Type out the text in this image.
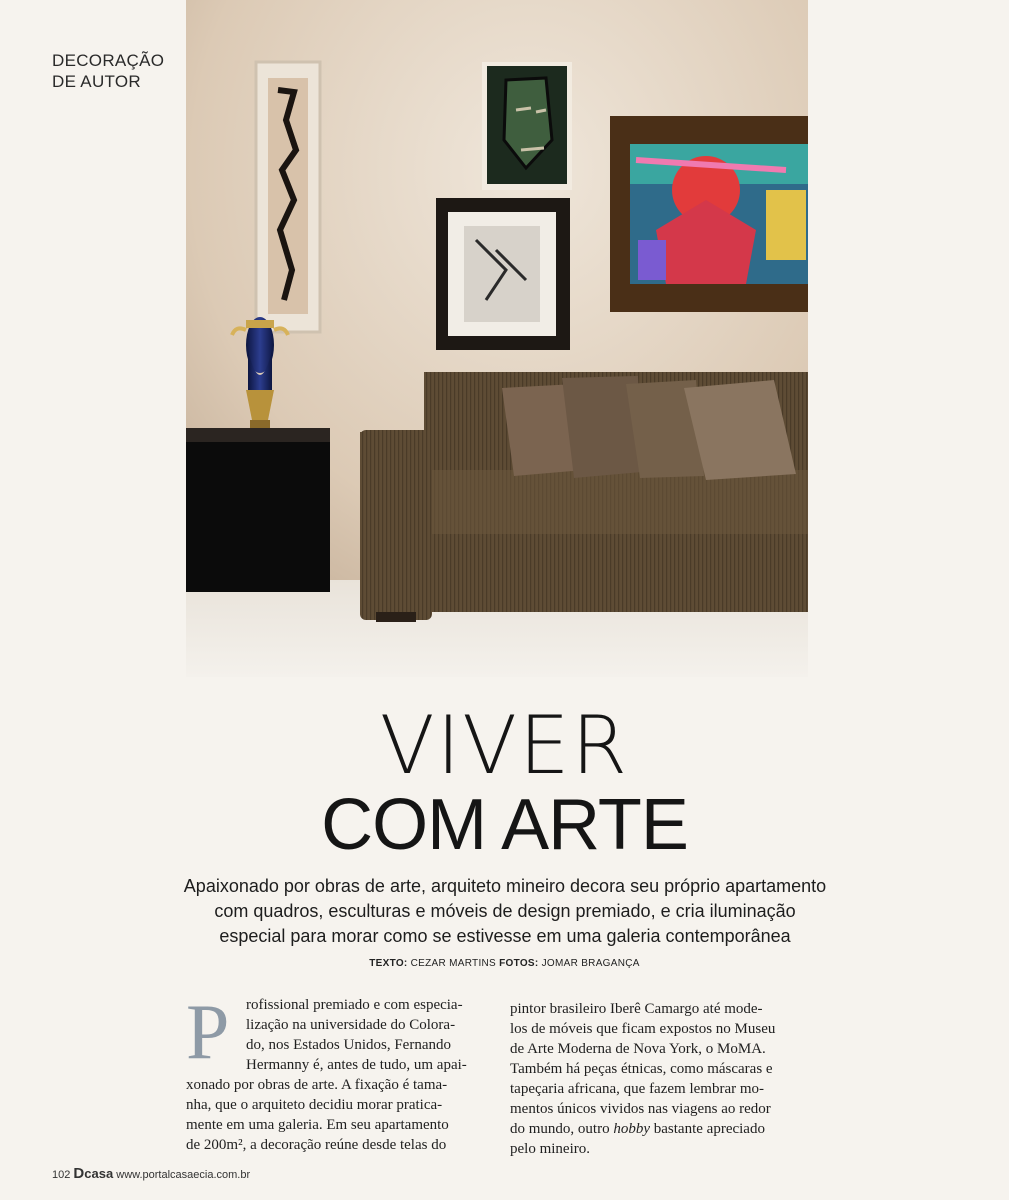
DECORAÇÃO
DE AUTOR
VIVER
COM ARTE
Apaixonado por obras de arte, arquiteto mineiro decora seu próprio apartamento
com quadros, esculturas e móveis de design premiado, e cria iluminação
especial para morar como se estivesse em uma galeria contemporânea
TEXTO: CEZAR MARTINS FOTOS: JOMAR BRAGANÇA
P	rofissional premiado e com especia-
lização na universidade do Colora-
do, nos Estados Unidos, Fernando
Hermanny é, antes de tudo, um apai-
xonado por obras de arte. A fixação é tama-
nha, que o arquiteto decidiu morar pratica-
mente em uma galeria. Em seu apartamento
de 200m², a decoração reúne desde telas do
pintor brasileiro Iberê Camargo até mode-
los de móveis que ficam expostos no Museu
de Arte Moderna de Nova York, o MoMA.
Também há peças étnicas, como máscaras e
tapeçaria africana, que fazem lembrar mo-
mentos únicos vividos nas viagens ao redor
do mundo, outro hobby bastante apreciado
pelo mineiro.
102 Dcasa www.portalcasaecia.com.br
